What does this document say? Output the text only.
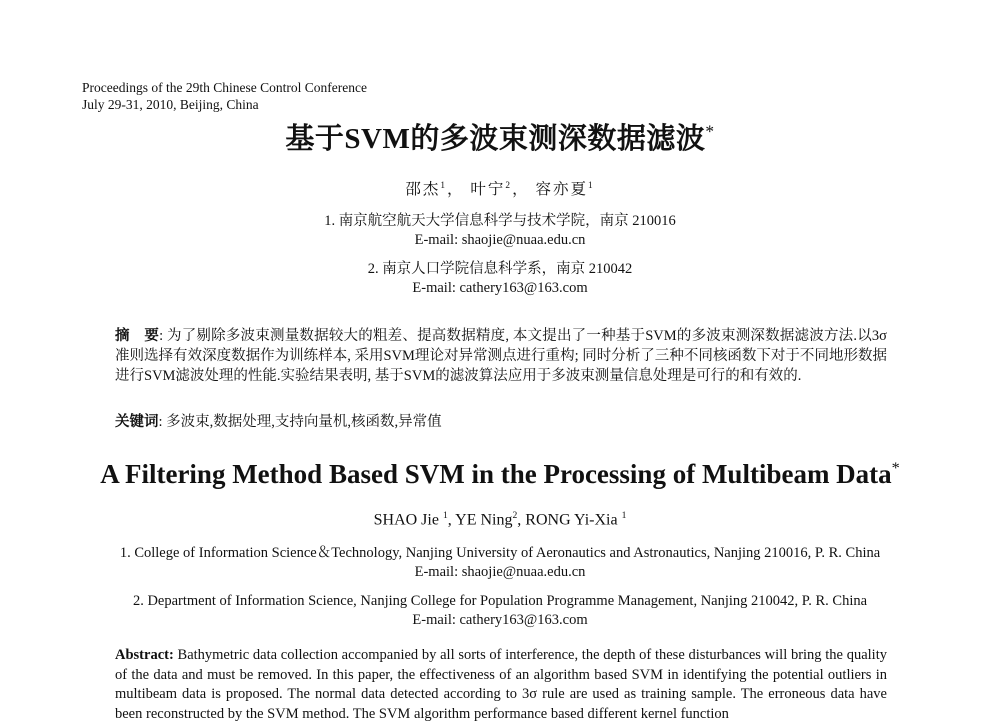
Proceedings of the 29th Chinese Control Conference
July 29-31, 2010, Beijing, China
基于SVM的多波束测深数据滤波*
邵杰$^1$， 叶宁$^2$， 容亦夏$^1$
1. 南京航空航天大学信息科学与技术学院，南京 210016
E-mail: shaojie@nuaa.edu.cn
2. 南京人口学院信息科学系，南京 210042
E-mail: cathery163@163.com
摘　要: 为了剔除多波束测量数据较大的粗差、提高数据精度, 本文提出了一种基于SVM的多波束测深数据滤波方法.以3σ准则选择有效深度数据作为训练样本, 采用SVM理论对异常测点进行重构; 同时分析了三种不同核函数下对于不同地形数据进行SVM滤波处理的性能.实验结果表明, 基于SVM的滤波算法应用于多波束测量信息处理是可行的和有效的.
关键词: 多波束,数据处理,支持向量机,核函数,异常值
A Filtering Method Based SVM in the Processing of Multibeam Data*
SHAO Jie $^1$, YE Ning$^2$, RONG Yi-Xia $^1$
1. College of Information Science＆Technology, Nanjing University of Aeronautics and Astronautics, Nanjing 210016, P. R. China
E-mail: shaojie@nuaa.edu.cn
2. Department of Information Science, Nanjing College for Population Programme Management, Nanjing 210042, P. R. China
E-mail: cathery163@163.com
Abstract: Bathymetric data collection accompanied by all sorts of interference, the depth of these disturbances will bring the quality of the data and must be removed. In this paper, the effectiveness of an algorithm based SVM in identifying the potential outliers in multibeam data is proposed. The normal data detected according to 3σ rule are used as training sample. The erroneous data have been reconstructed by the SVM method. The SVM algorithm performance based different kernel function
